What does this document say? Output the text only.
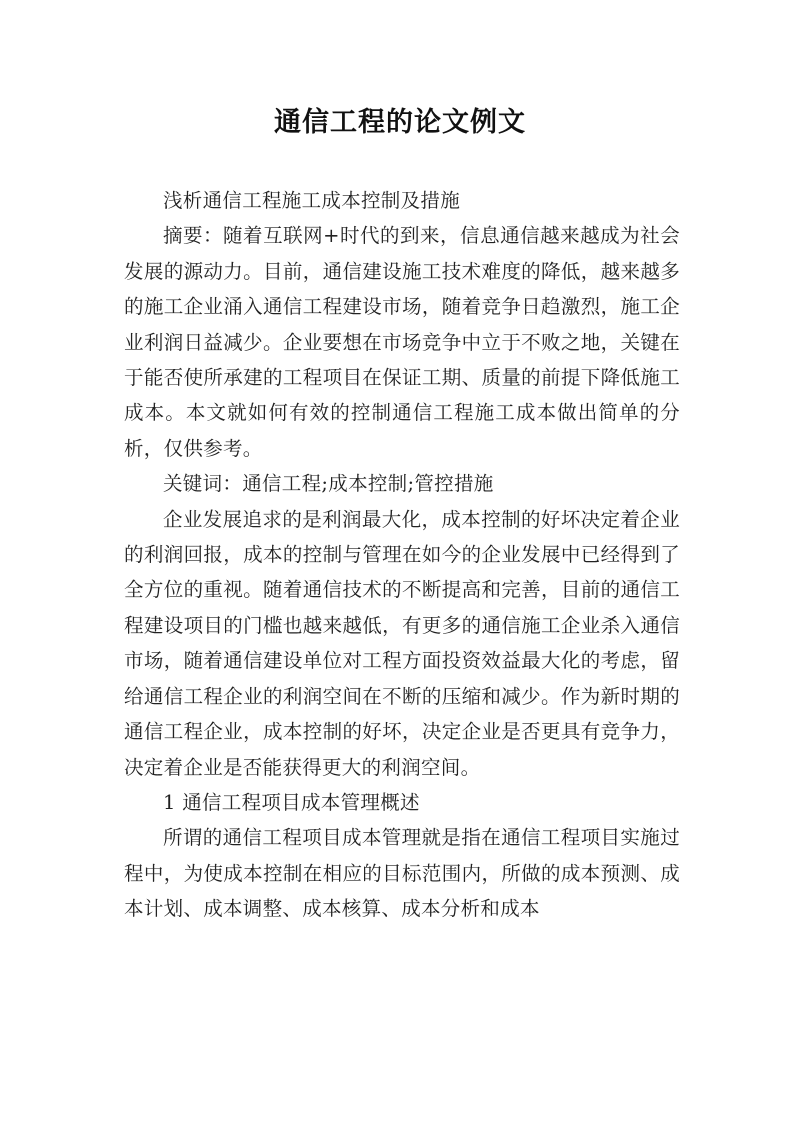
通信工程的论文例文

浅析通信工程施工成本控制及措施

摘要：随着互联网+时代的到来，信息通信越来越成为社会发展的源动力。目前，通信建设施工技术难度的降低，越来越多的施工企业涌入通信工程建设市场，随着竞争日趋激烈，施工企业利润日益减少。企业要想在市场竞争中立于不败之地，关键在于能否使所承建的工程项目在保证工期、质量的前提下降低施工成本。本文就如何有效的控制通信工程施工成本做出简单的分析，仅供参考。

关键词：通信工程;成本控制;管控措施

企业发展追求的是利润最大化，成本控制的好坏决定着企业的利润回报，成本的控制与管理在如今的企业发展中已经得到了全方位的重视。随着通信技术的不断提高和完善，目前的通信工程建设项目的门槛也越来越低，有更多的通信施工企业杀入通信市场，随着通信建设单位对工程方面投资效益最大化的考虑，留给通信工程企业的利润空间在不断的压缩和减少。作为新时期的通信工程企业，成本控制的好坏，决定企业是否更具有竞争力，决定着企业是否能获得更大的利润空间。

1 通信工程项目成本管理概述

所谓的通信工程项目成本管理就是指在通信工程项目实施过程中，为使成本控制在相应的目标范围内，所做的成本预测、成本计划、成本调整、成本核算、成本分析和成本
